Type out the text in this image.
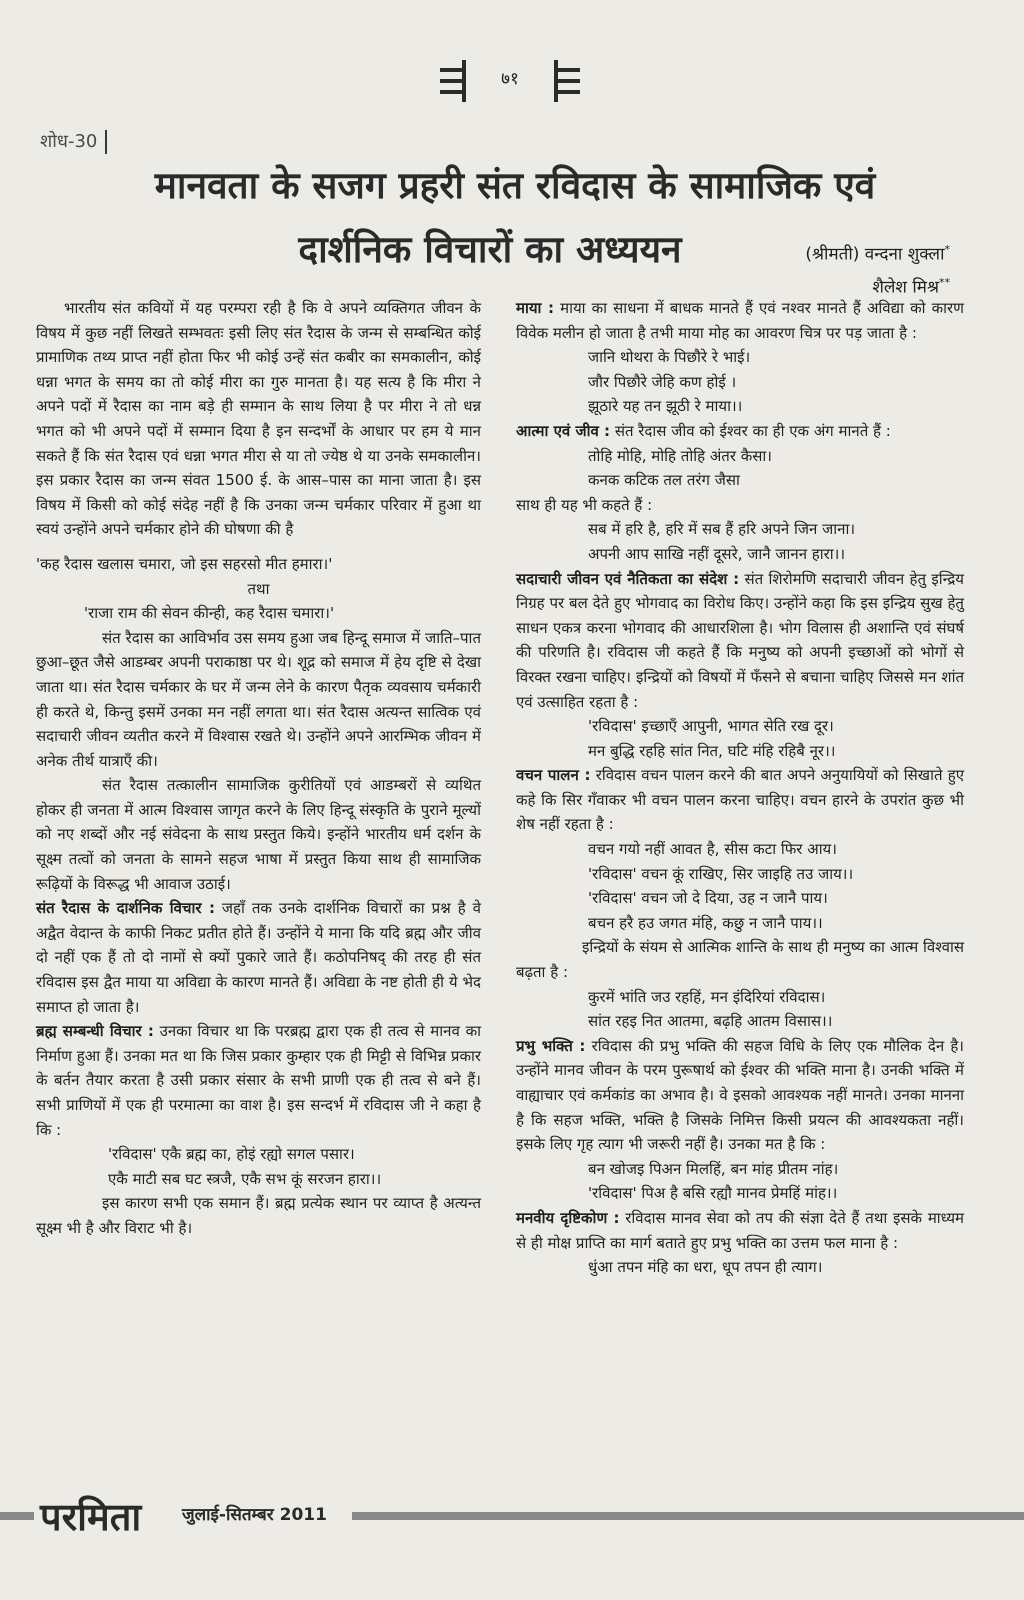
७१
शोध-30
मानवता के सजग प्रहरी संत रविदास के सामाजिक एवं
दार्शनिक विचारों का अध्ययन	(श्रीमती) वन्दना शुक्ला*
शैलेश मिश्र**

भारतीय संत कवियों में यह परम्परा रही है कि वे अपने व्यक्तिगत जीवन के विषय में कुछ नहीं लिखते सम्भवतः इसी लिए संत रैदास के जन्म से सम्बन्धित कोई प्रामाणिक तथ्य प्राप्त नहीं होता फिर भी कोई उन्हें संत कबीर का समकालीन, कोई धन्ना भगत के समय का तो कोई मीरा का गुरु मानता है। यह सत्य है कि मीरा ने अपने पदों में रैदास का नाम बड़े ही सम्मान के साथ लिया है पर मीरा ने तो धन्न भगत को भी अपने पदों में सम्मान दिया है इन सन्दर्भों के आधार पर हम ये मान सकते हैं कि संत रैदास एवं धन्ना भगत मीरा से या तो ज्येष्ठ थे या उनके समकालीन। इस प्रकार रैदास का जन्म संवत 1500 ई. के आस–पास का माना जाता है। इस विषय में किसी को कोई संदेह नहीं है कि उनका जन्म चर्मकार परिवार में हुआ था स्वयं उन्होंने अपने चर्मकार होने की घोषणा की है

'कह रैदास खलास चमारा, जो इस सहरसो मीत हमारा।'

तथा

'राजा राम की सेवन कीन्ही, कह रैदास चमारा।'

संत रैदास का आविर्भाव उस समय हुआ जब हिन्दू समाज में जाति–पात छुआ–छूत जैसे आडम्बर अपनी पराकाष्ठा पर थे। शूद्र को समाज में हेय दृष्टि से देखा जाता था। संत रैदास चर्मकार के घर में जन्म लेने के कारण पैतृक व्यवसाय चर्मकारी ही करते थे, किन्तु इसमें उनका मन नहीं लगता था। संत रैदास अत्यन्त सात्विक एवं सदाचारी जीवन व्यतीत करने में विश्वास रखते थे। उन्होंने अपने आरम्भिक जीवन में अनेक तीर्थ यात्राएँ की।

संत रैदास तत्कालीन सामाजिक कुरीतियों एवं आडम्बरों से व्यथित होकर ही जनता में आत्म विश्वास जागृत करने के लिए हिन्दू संस्कृति के पुराने मूल्यों को नए शब्दों और नई संवेदना के साथ प्रस्तुत किये। इन्होंने भारतीय धर्म दर्शन के सूक्ष्म तत्वों को जनता के सामने सहज भाषा में प्रस्तुत किया साथ ही सामाजिक रूढ़ियों के विरूद्ध भी आवाज उठाई।

संत रैदास के दार्शनिक विचार : जहाँ तक उनके दार्शनिक विचारों का प्रश्न है वे अद्वैत वेदान्त के काफी निकट प्रतीत होते हैं। उन्होंने ये माना कि यदि ब्रह्म और जीव दो नहीं एक हैं तो दो नामों से क्यों पुकारे जाते हैं। कठोपनिषद् की तरह ही संत रविदास इस द्वैत माया या अविद्या के कारण मानते हैं। अविद्या के नष्ट होती ही ये भेद समाप्त हो जाता है।

ब्रह्म सम्बन्धी विचार : उनका विचार था कि परब्रह्म द्वारा एक ही तत्व से मानव का निर्माण हुआ हैं। उनका मत था कि जिस प्रकार कुम्हार एक ही मिट्टी से विभिन्न प्रकार के बर्तन तैयार करता है उसी प्रकार संसार के सभी प्राणी एक ही तत्व से बने हैं। सभी प्राणियों में एक ही परमात्मा का वाश है। इस सन्दर्भ में रविदास जी ने कहा है कि :

'रविदास' एकै ब्रह्म का, होइं रह्यो सगल पसार।

एकै माटी सब घट स्त्रजै, एकै सभ कूं सरजन हारा।।

इस कारण सभी एक समान हैं। ब्रह्म प्रत्येक स्थान पर व्याप्त है अत्यन्त सूक्ष्म भी है और विराट भी है।

माया : माया का साधना में बाधक मानते हैं एवं नश्वर मानते हैं अविद्या को कारण विवेक मलीन हो जाता है तभी माया मोह का आवरण चित्र पर पड़ जाता है :

जानि थोथरा के पिछौरे रे भाई।

जौर पिछौरे जेहि कण होई ।

झूठारे यह तन झूठी रे माया।।

आत्मा एवं जीव : संत रैदास जीव को ईश्वर का ही एक अंग मानते हैं :

तोहि मोहि, मोहि तोहि अंतर कैसा।

कनक कटिक तल तरंग जैसा

साथ ही यह भी कहते हैं :

सब में हरि है, हरि में सब हैं हरि अपने जिन जाना।

अपनी आप साखि नहीं दूसरे, जानै जानन हारा।।

सदाचारी जीवन एवं नैतिकता का संदेश : संत शिरोमणि सदाचारी जीवन हेतु इन्द्रिय निग्रह पर बल देते हुए भोगवाद का विरोध किए। उन्होंने कहा कि इस इन्द्रिय सुख हेतु साधन एकत्र करना भोगवाद की आधारशिला है। भोग विलास ही अशान्ति एवं संघर्ष की परिणति है। रविदास जी कहते हैं कि मनुष्य को अपनी इच्छाओं को भोगों से विरक्त रखना चाहिए। इन्द्रियों को विषयों में फँसने से बचाना चाहिए जिससे मन शांत एवं उत्साहित रहता है :

'रविदास' इच्छाएँ आपुनी, भागत सेति रख दूर।

मन बुद्धि रहहि सांत नित, घटि मंहि रहिबै नूर।।

वचन पालन : रविदास वचन पालन करने की बात अपने अनुयायियों को सिखाते हुए कहे कि सिर गँवाकर भी वचन पालन करना चाहिए। वचन हारने के उपरांत कुछ भी शेष नहीं रहता है :

वचन गयो नहीं आवत है, सीस कटा फिर आय।

'रविदास' वचन कूं राखिए, सिर जाइहि तउ जाय।।

'रविदास' वचन जो दे दिया, उह न जानै पाय।

बचन हरै हउ जगत मंहि, कछु न जानै पाय।।

इन्द्रियों के संयम से आत्मिक शान्ति के साथ ही मनुष्य का आत्म विश्वास बढ़ता है :

कुरमें भांति जउ रहहिं, मन इंदिरियां रविदास।

सांत रहइ नित आतमा, बढ़हि आतम विसास।।

प्रभु भक्ति : रविदास की प्रभु भक्ति की सहज विधि के लिए एक मौलिक देन है। उन्होंने मानव जीवन के परम पुरूषार्थ को ईश्वर की भक्ति माना है। उनकी भक्ति में वाह्याचार एवं कर्मकांड का अभाव है। वे इसको आवश्यक नहीं मानते। उनका मानना है कि सहज भक्ति, भक्ति है जिसके निमित्त किसी प्रयत्न की आवश्यकता नहीं। इसके लिए गृह त्याग भी जरूरी नहीं है। उनका मत है कि :

बन खोजइ पिअन मिलहिं, बन मांह प्रीतम नांह।

'रविदास' पिअ है बसि रह्यौ मानव प्रेमहिं मांह।।

मनवीय दृष्टिकोण : रविदास मानव सेवा को तप की संज्ञा देते हैं तथा इसके माध्यम से ही मोक्ष प्राप्ति का मार्ग बताते हुए प्रभु भक्ति का उत्तम फल माना है :

धुंआ तपन मंहि का धरा, धूप तपन ही त्याग।

परमिता जुलाई-सितम्बर 2011
